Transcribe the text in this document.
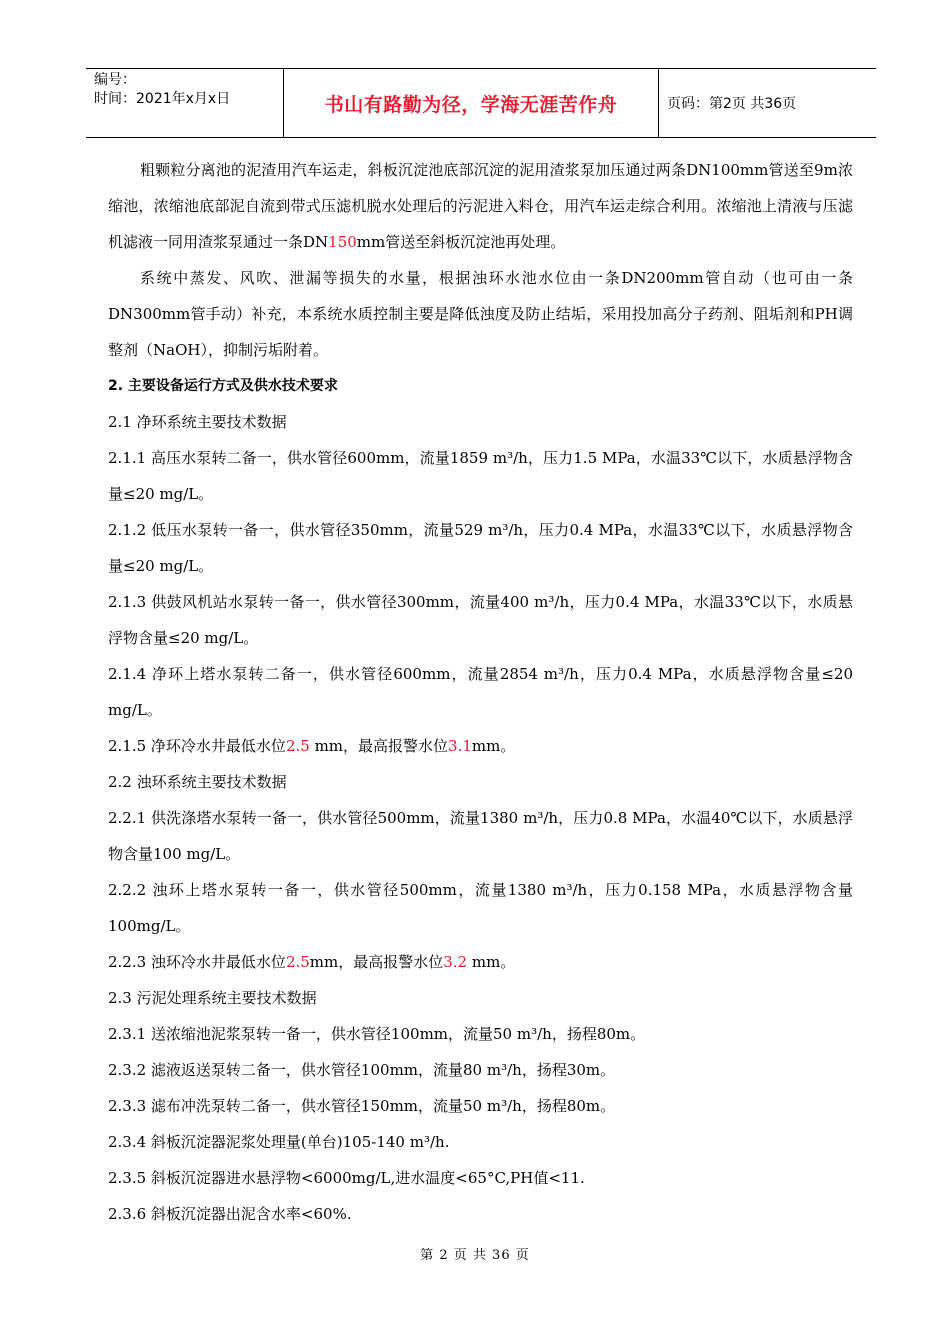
编号：
时间：2021年x月x日	书山有路勤为径，学海无涯苦作舟	页码：第2页 共36页

粗颗粒分离池的泥渣用汽车运走，斜板沉淀池底部沉淀的泥用渣浆泵加压通过两条DN100mm管送至9m浓缩池，浓缩池底部泥自流到带式压滤机脱水处理后的污泥进入料仓，用汽车运走综合利用。浓缩池上清液与压滤机滤液一同用渣浆泵通过一条DN150mm管送至斜板沉淀池再处理。

系统中蒸发、风吹、泄漏等损失的水量，根据浊环水池水位由一条DN200mm管自动（也可由一条DN300mm管手动）补充，本系统水质控制主要是降低浊度及防止结垢，采用投加高分子药剂、阻垢剂和PH调整剂（NaOH），抑制污垢附着。

2. 主要设备运行方式及供水技术要求

2.1 净环系统主要技术数据

2.1.1 高压水泵转二备一，供水管径600mm，流量1859 m³/h，压力1.5 MPa，水温33℃以下，水质悬浮物含量≤20 mg/L。

2.1.2 低压水泵转一备一，供水管径350mm，流量529 m³/h，压力0.4 MPa，水温33℃以下，水质悬浮物含量≤20 mg/L。

2.1.3 供鼓风机站水泵转一备一，供水管径300mm，流量400 m³/h，压力0.4 MPa，水温33℃以下，水质悬浮物含量≤20 mg/L。

2.1.4 净环上塔水泵转二备一，供水管径600mm，流量2854 m³/h，压力0.4 MPa，水质悬浮物含量≤20 mg/L。

2.1.5 净环冷水井最低水位2.5 mm，最高报警水位3.1mm。

2.2 浊环系统主要技术数据

2.2.1 供洗涤塔水泵转一备一，供水管径500mm，流量1380 m³/h，压力0.8 MPa，水温40℃以下，水质悬浮物含量100 mg/L。

2.2.2 浊环上塔水泵转一备一，供水管径500mm，流量1380 m³/h，压力0.158 MPa，水质悬浮物含量100mg/L。

2.2.3 浊环冷水井最低水位2.5mm，最高报警水位3.2 mm。

2.3 污泥处理系统主要技术数据

2.3.1 送浓缩池泥浆泵转一备一，供水管径100mm，流量50 m³/h，扬程80m。

2.3.2 滤液返送泵转二备一，供水管径100mm，流量80 m³/h，扬程30m。

2.3.3 滤布冲洗泵转二备一，供水管径150mm，流量50 m³/h，扬程80m。

2.3.4 斜板沉淀器泥浆处理量(单台)105-140 m³/h.

2.3.5 斜板沉淀器进水悬浮物<6000mg/L,进水温度<65°C,PH值<11.

2.3.6 斜板沉淀器出泥含水率<60%.

第 2 页 共 36 页
